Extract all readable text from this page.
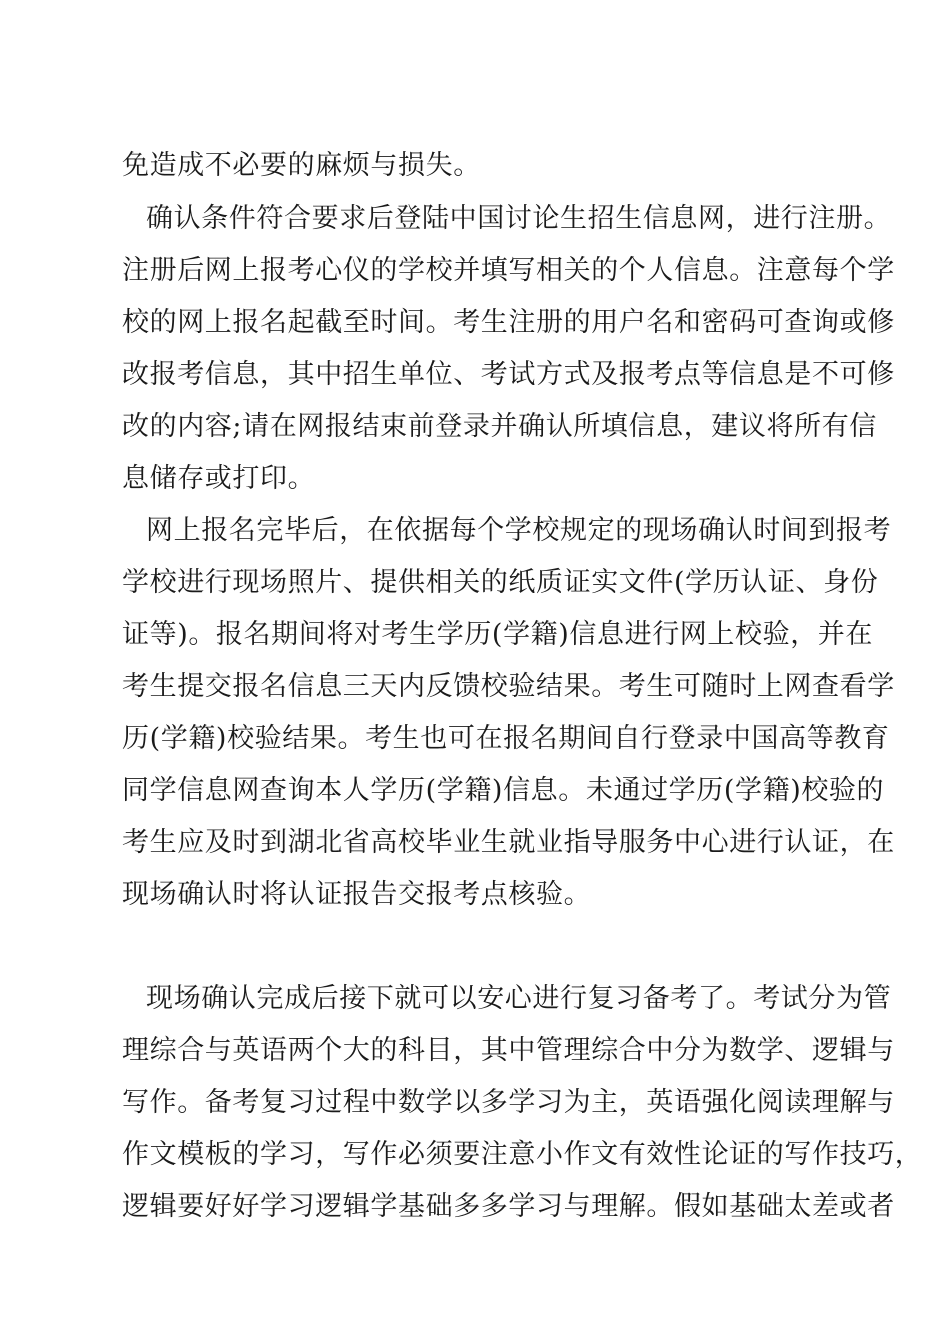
免造成不必要的麻烦与损失。
确认条件符合要求后登陆中国讨论生招生信息网，进行注册。
注册后网上报考心仪的学校并填写相关的个人信息。注意每个学
校的网上报名起截至时间。考生注册的用户名和密码可查询或修
改报考信息，其中招生单位、考试方式及报考点等信息是不可修
改的内容;请在网报结束前登录并确认所填信息，建议将所有信
息储存或打印。
网上报名完毕后，在依据每个学校规定的现场确认时间到报考
学校进行现场照片、提供相关的纸质证实文件(学历认证、身份
证等)。报名期间将对考生学历(学籍)信息进行网上校验，并在
考生提交报名信息三天内反馈校验结果。考生可随时上网查看学
历(学籍)校验结果。考生也可在报名期间自行登录中国高等教育
同学信息网查询本人学历(学籍)信息。未通过学历(学籍)校验的
考生应及时到湖北省高校毕业生就业指导服务中心进行认证，在
现场确认时将认证报告交报考点核验。
现场确认完成后接下就可以安心进行复习备考了。考试分为管
理综合与英语两个大的科目，其中管理综合中分为数学、逻辑与
写作。备考复习过程中数学以多学习为主，英语强化阅读理解与
作文模板的学习，写作必须要注意小作文有效性论证的写作技巧，
逻辑要好好学习逻辑学基础多多学习与理解。假如基础太差或者
